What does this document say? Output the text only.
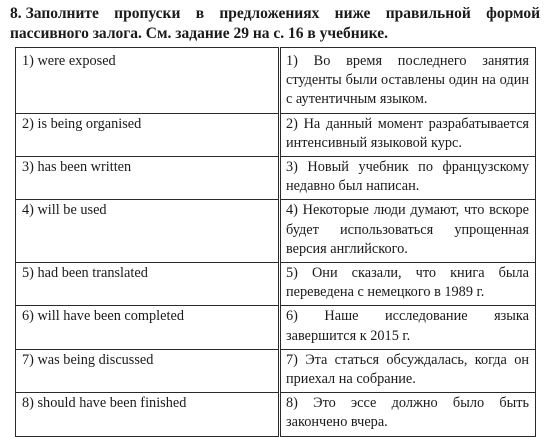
8. Заполните пропуски в предложениях ниже правильной формой пассивного залога. См. задание 29 на с. 16 в учебнике.
1) were exposed	1) Во время последнего занятия студенты были оставлены один на один с аутентичным языком.
2) is being organised	2) На данный момент разрабатывается интенсивный языковой курс.
3) has been written	3) Новый учебник по французскому недавно был написан.
4) will be used	4) Некоторые люди думают, что вскоре будет использоваться упрощенная версия английского.
5) had been translated	5) Они сказали, что книга была переведена с немецкого в 1989 г.
6) will have been completed	6) Наше исследование языка завершится к 2015 г.
7) was being discussed	7) Эта статься обсуждалась, когда он приехал на собрание.
8) should have been finished	8) Это эссе должно было быть закончено вчера.
